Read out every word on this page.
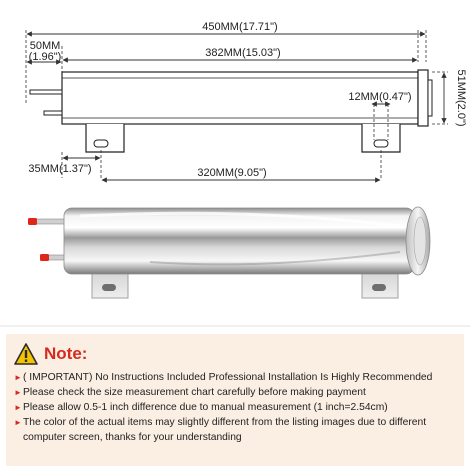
450MM(17.71")
50MM
(1.96")	382MM(15.03")
12MM(0.47")	51MM(2.0")
35MM(1.37")	320MM(9.05")
Note:
► ( IMPORTANT) No Instructions Included Professional Installation Is Highly Recommended
► Please check the size measurement chart carefully before making payment
► Please allow 0.5-1 inch difference due to manual measurement (1 inch=2.54cm)
► The color of the actual items may slightly different from the listing images due to different computer screen, thanks for your understanding
